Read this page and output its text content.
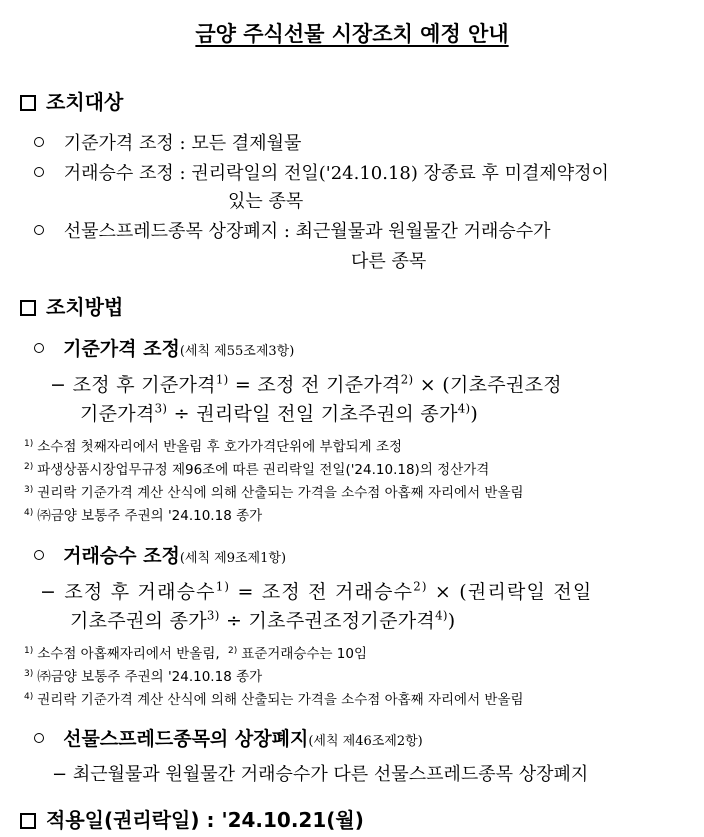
금양 주식선물 시장조치 예정 안내
조치대상
기준가격 조정 : 모든 결제월물
거래승수 조정 : 권리락일의 전일('24.10.18) 장종료 후 미결제약정이
있는 종목
선물스프레드종목 상장폐지 : 최근월물과 원월물간 거래승수가
다른 종목
조치방법
기준가격 조정(세칙 제55조제3항)
− 조정 후 기준가격$^{1)}$ = 조정 전 기준가격$^{2)}$ × (기초주권조정
기준가격$^{3)}$ ÷ 권리락일 전일 기초주권의 종가$^{4)}$)
$^{1)}$ 소수점 첫째자리에서 반올림 후 호가가격단위에 부합되게 조정
$^{2)}$ 파생상품시장업무규정 제96조에 따른 권리락일 전일('24.10.18)의 정산가격
$^{3)}$ 권리락 기준가격 계산 산식에 의해 산출되는 가격을 소수점 아홉째 자리에서 반올림
$^{4)}$ ㈜금양 보통주 주권의 '24.10.18 종가
거래승수 조정(세칙 제9조제1항)
− 조정 후 거래승수$^{1)}$ = 조정 전 거래승수$^{2)}$ × (권리락일 전일
기초주권의 종가$^{3)}$ ÷ 기초주권조정기준가격$^{4)}$)
$^{1)}$ 소수점 아홉째자리에서 반올림, $^{2)}$ 표준거래승수는 10임
$^{3)}$ ㈜금양 보통주 주권의 '24.10.18 종가
$^{4)}$ 권리락 기준가격 계산 산식에 의해 산출되는 가격을 소수점 아홉째 자리에서 반올림
선물스프레드종목의 상장폐지(세칙 제46조제2항)
− 최근월물과 원월물간 거래승수가 다른 선물스프레드종목 상장폐지
적용일(권리락일) : '24.10.21(월)
